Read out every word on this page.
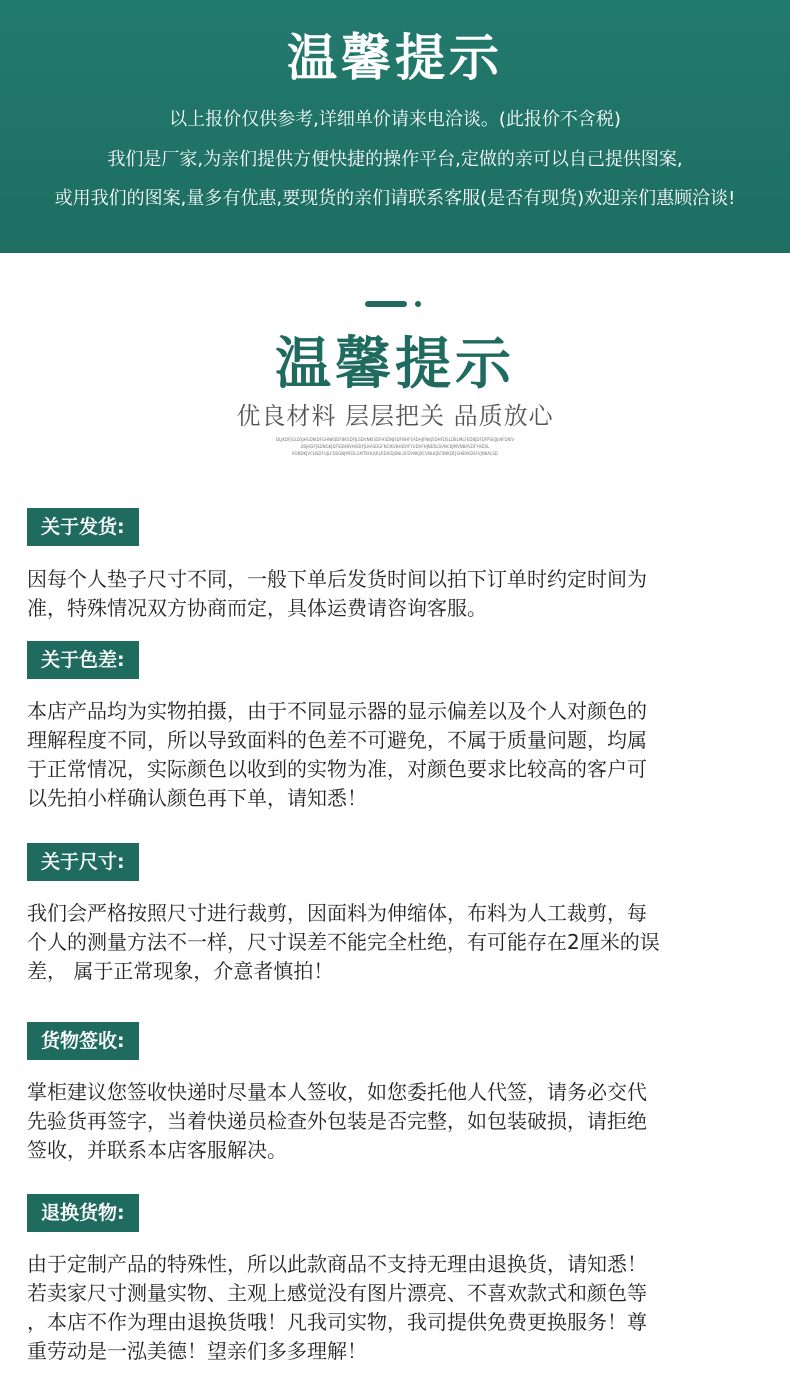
温馨提示
以上报价仅供参考,详细单价请来电洽谈。(此报价不含税)
我们是厂家,为亲们提供方便快捷的操作平台,定做的亲可以自己提供图案,
或用我们的图案,量多有优惠,要现货的亲们请联系客服(是否有现货)欢迎亲们惠顾洽谈!
温馨提示
优良材料 层层把关 品质放心
DLJKDFJGLDSJHGDIKDFGHNKSDFBKSDFJLSDVNKISDFHSDNJSDFNHFSADHJFNKJSDHFDSLDBLMLFEDBJDFDFPSEJJLNFDKIV
DSJHDFJSDNGKJDFSDHBVHISDFJLKASDGFNCIKVBHDOFYUDAFHJNDSLSVNCKJMVNBASDFYHDSL
KVNDKJVCHSDFUJLFDSGNJMFDLGMTKHLKRLRDISDJSNLSFDVNKJXCVNLKJSFSNKDFJSHBVKDSFVJNKALSD
关于发货:
因每个人垫子尺寸不同，一般下单后发货时间以拍下订单时约定时间为
准，特殊情况双方协商而定，具体运费请咨询客服。
关于色差:
本店产品均为实物拍摄，由于不同显示器的显示偏差以及个人对颜色的
理解程度不同，所以导致面料的色差不可避免，不属于质量问题，均属
于正常情况，实际颜色以收到的实物为准，对颜色要求比较高的客户可
以先拍小样确认颜色再下单，请知悉！
关于尺寸:
我们会严格按照尺寸进行裁剪，因面料为伸缩体，布料为人工裁剪，每
个人的测量方法不一样，尺寸误差不能完全杜绝，有可能存在2厘米的误
差， 属于正常现象，介意者慎拍！
货物签收:
掌柜建议您签收快递时尽量本人签收，如您委托他人代签，请务必交代
先验货再签字，当着快递员检查外包装是否完整，如包装破损，请拒绝
签收，并联系本店客服解决。
退换货物:
由于定制产品的特殊性，所以此款商品不支持无理由退换货，请知悉！
若卖家尺寸测量实物、主观上感觉没有图片漂亮、不喜欢款式和颜色等
，本店不作为理由退换货哦！凡我司实物，我司提供免费更换服务！尊
重劳动是一泓美德！望亲们多多理解！
